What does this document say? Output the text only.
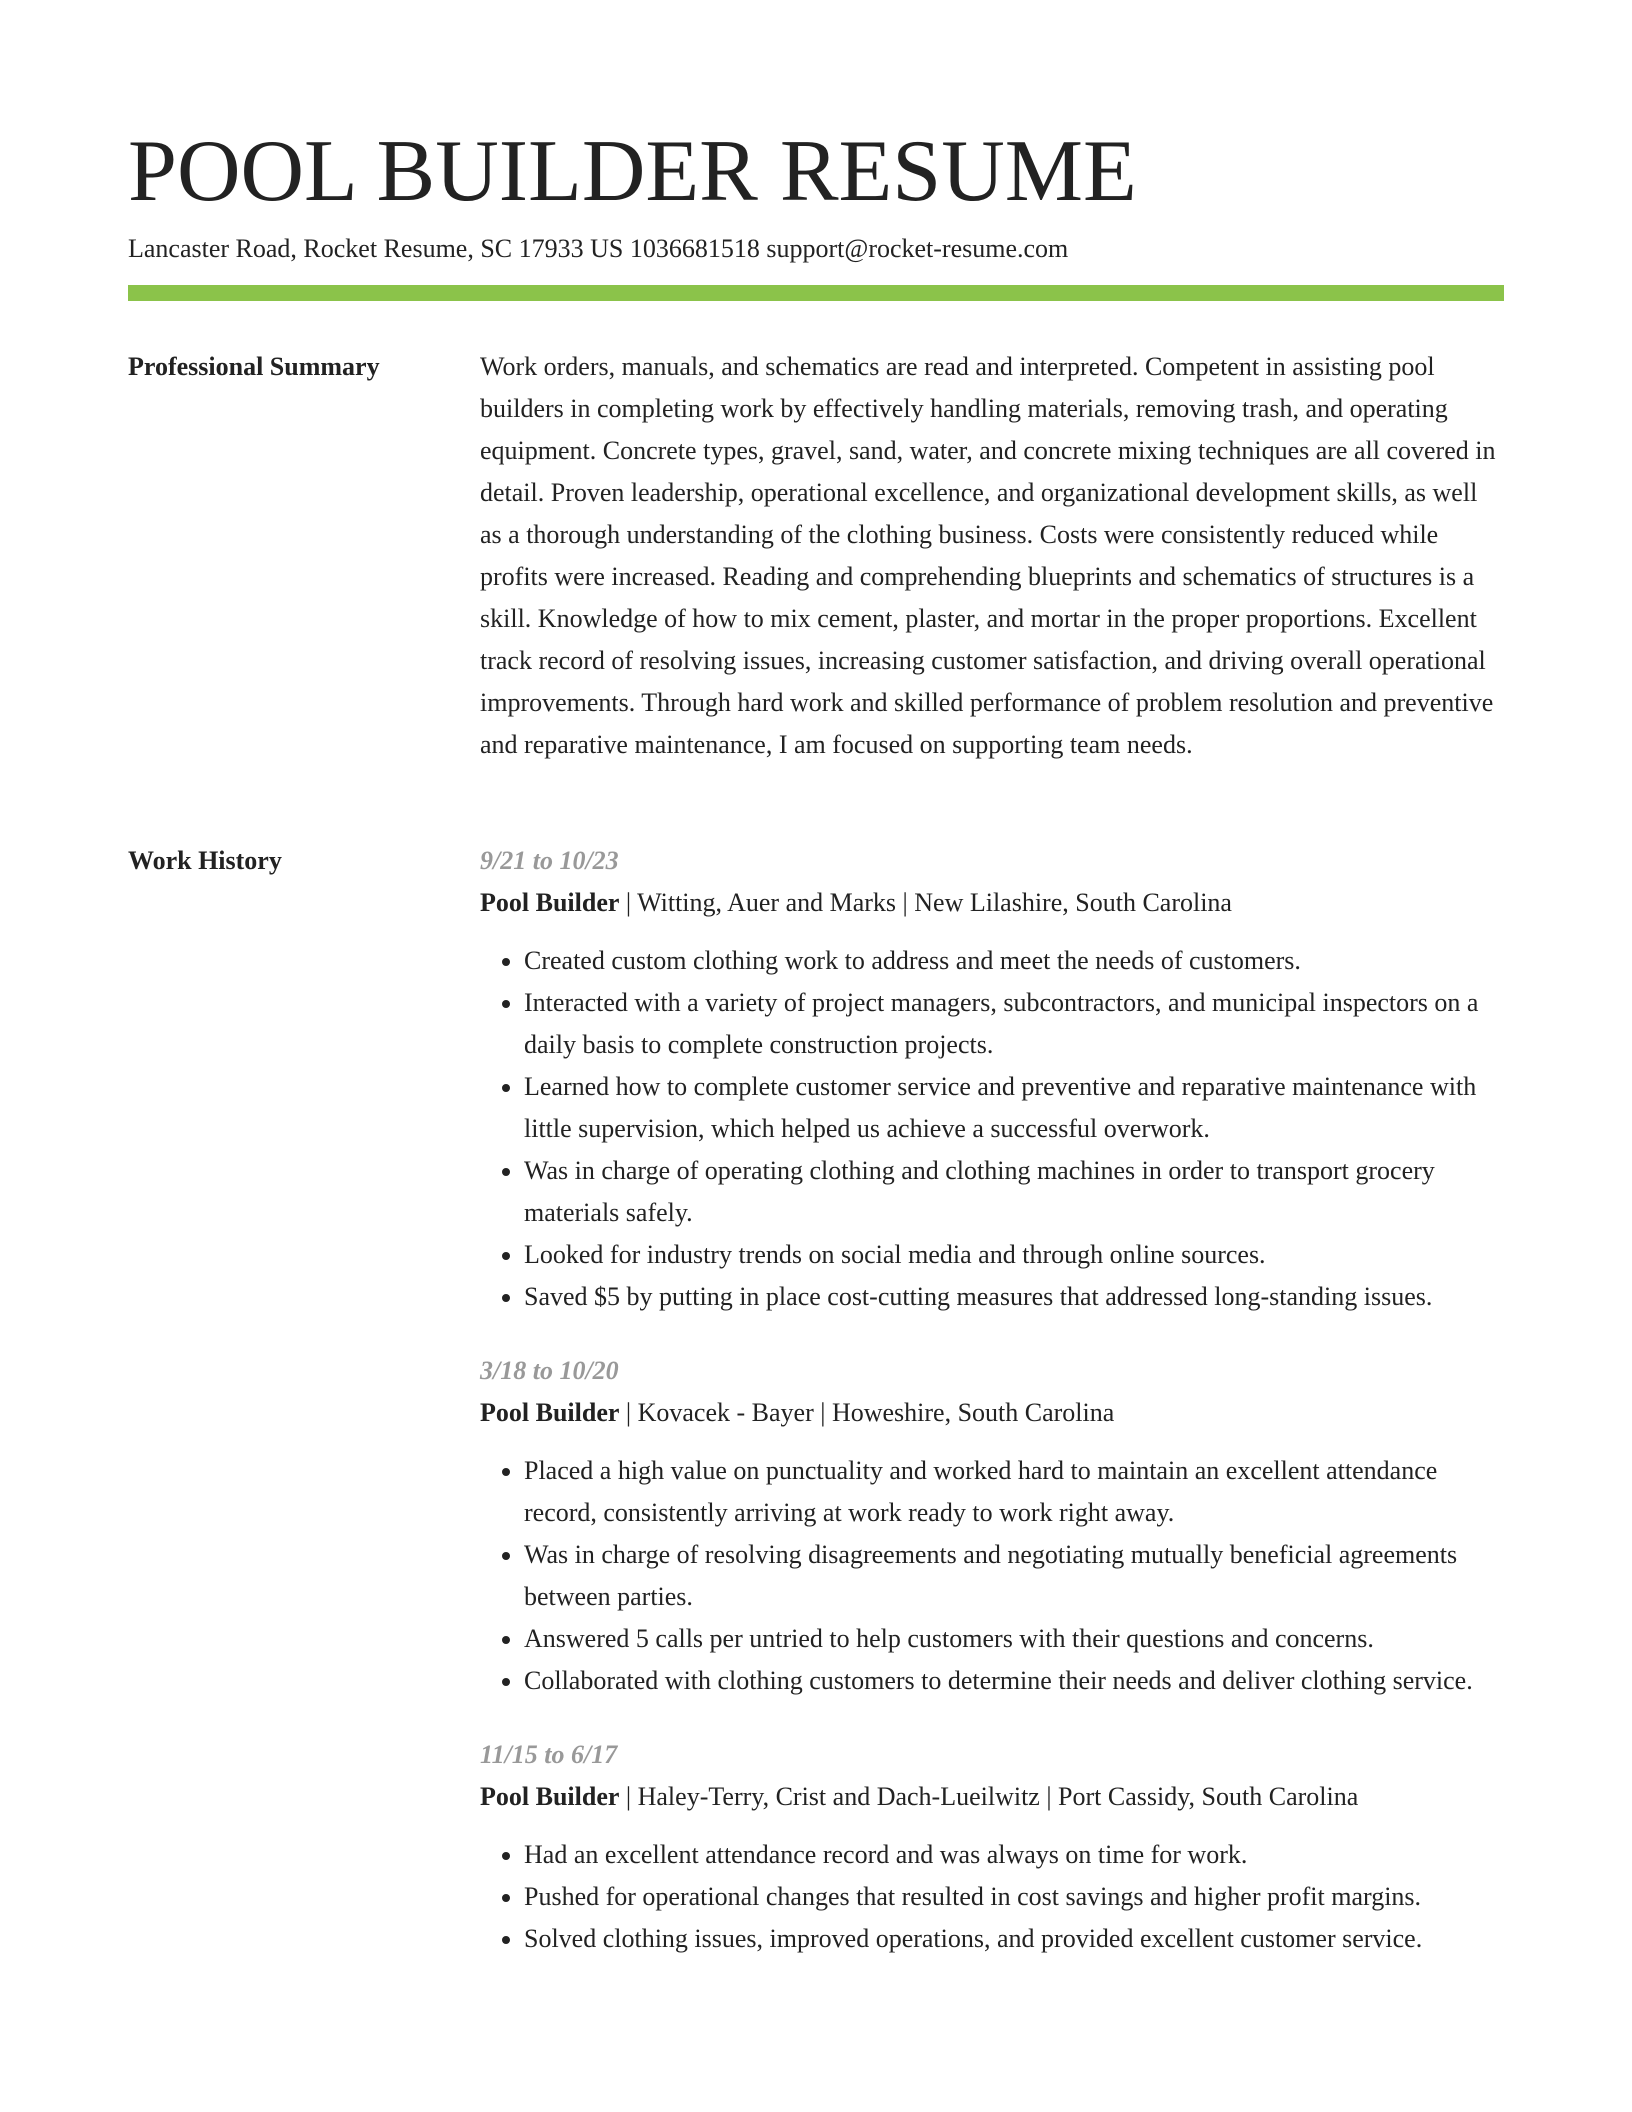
POOL BUILDER RESUME
Lancaster Road, Rocket Resume, SC 17933 US 1036681518 support@rocket-resume.com
Professional Summary	Work orders, manuals, and schematics are read and interpreted. Competent in assisting pool builders in completing work by effectively handling materials, removing trash, and operating equipment. Concrete types, gravel, sand, water, and concrete mixing techniques are all covered in detail. Proven leadership, operational excellence, and organizational development skills, as well as a thorough understanding of the clothing business. Costs were consistently reduced while profits were increased. Reading and comprehending blueprints and schematics of structures is a skill. Knowledge of how to mix cement, plaster, and mortar in the proper proportions. Excellent track record of resolving issues, increasing customer satisfaction, and driving overall operational improvements. Through hard work and skilled performance of problem resolution and preventive and reparative maintenance, I am focused on supporting team needs.

Work History	9/21 to 10/23
Pool Builder | Witting, Auer and Marks | New Lilashire, South Carolina
• Created custom clothing work to address and meet the needs of customers.
• Interacted with a variety of project managers, subcontractors, and municipal inspectors on a daily basis to complete construction projects.
• Learned how to complete customer service and preventive and reparative maintenance with little supervision, which helped us achieve a successful overwork.
• Was in charge of operating clothing and clothing machines in order to transport grocery materials safely.
• Looked for industry trends on social media and through online sources.
• Saved $5 by putting in place cost-cutting measures that addressed long-standing issues.
3/18 to 10/20
Pool Builder | Kovacek - Bayer | Howeshire, South Carolina
• Placed a high value on punctuality and worked hard to maintain an excellent attendance record, consistently arriving at work ready to work right away.
• Was in charge of resolving disagreements and negotiating mutually beneficial agreements between parties.
• Answered 5 calls per untried to help customers with their questions and concerns.
• Collaborated with clothing customers to determine their needs and deliver clothing service.
11/15 to 6/17
Pool Builder | Haley-Terry, Crist and Dach-Lueilwitz | Port Cassidy, South Carolina
• Had an excellent attendance record and was always on time for work.
• Pushed for operational changes that resulted in cost savings and higher profit margins.
• Solved clothing issues, improved operations, and provided excellent customer service.
